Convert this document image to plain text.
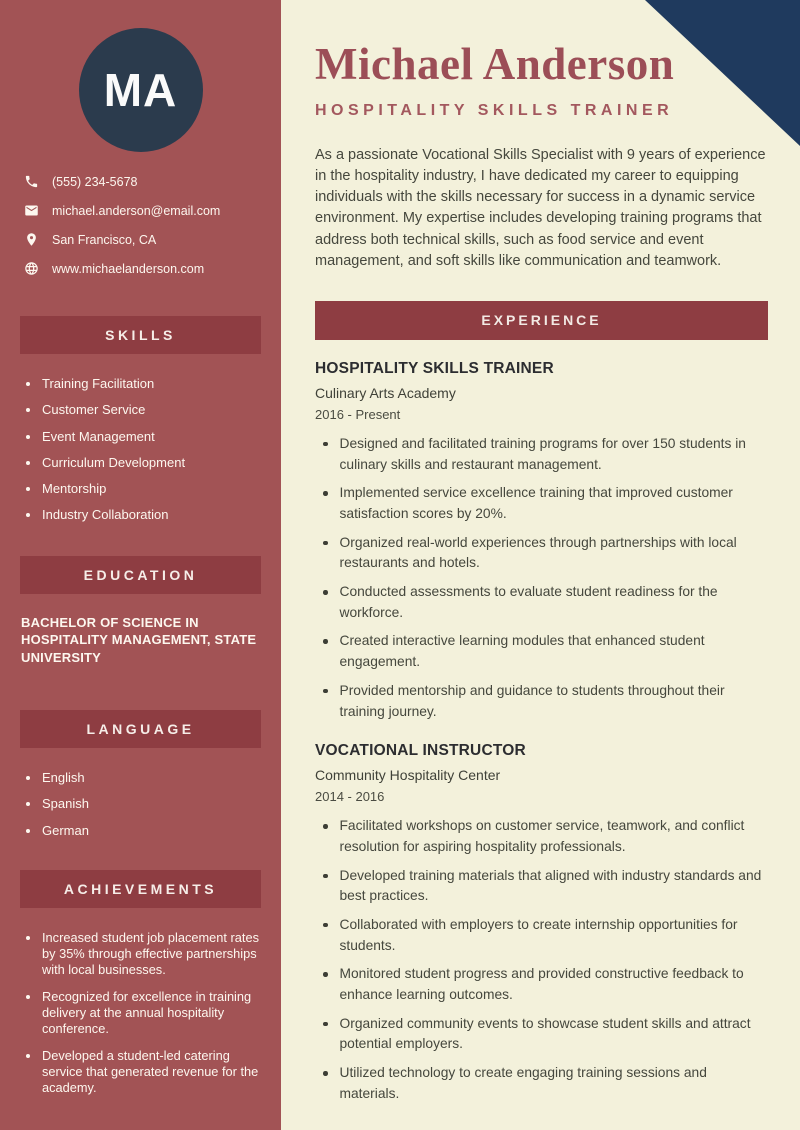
MA
(555) 234-5678
michael.anderson@email.com
San Francisco, CA
www.michaelanderson.com
SKILLS
Training Facilitation
Customer Service
Event Management
Curriculum Development
Mentorship
Industry Collaboration
EDUCATION
BACHELOR OF SCIENCE IN HOSPITALITY MANAGEMENT, STATE UNIVERSITY
LANGUAGE
English
Spanish
German
ACHIEVEMENTS
Increased student job placement rates by 35% through effective partnerships with local businesses.
Recognized for excellence in training delivery at the annual hospitality conference.
Developed a student-led catering service that generated revenue for the academy.
Michael Anderson
HOSPITALITY SKILLS TRAINER

As a passionate Vocational Skills Specialist with 9 years of experience in the hospitality industry, I have dedicated my career to equipping individuals with the skills necessary for success in a dynamic service environment. My expertise includes developing training programs that address both technical skills, such as food service and event management, and soft skills like communication and teamwork.

EXPERIENCE
HOSPITALITY SKILLS TRAINER
Culinary Arts Academy
2016 - Present
Designed and facilitated training programs for over 150 students in culinary skills and restaurant management.
Implemented service excellence training that improved customer satisfaction scores by 20%.
Organized real-world experiences through partnerships with local restaurants and hotels.
Conducted assessments to evaluate student readiness for the workforce.
Created interactive learning modules that enhanced student engagement.
Provided mentorship and guidance to students throughout their training journey.
VOCATIONAL INSTRUCTOR
Community Hospitality Center
2014 - 2016
Facilitated workshops on customer service, teamwork, and conflict resolution for aspiring hospitality professionals.
Developed training materials that aligned with industry standards and best practices.
Collaborated with employers to create internship opportunities for students.
Monitored student progress and provided constructive feedback to enhance learning outcomes.
Organized community events to showcase student skills and attract potential employers.
Utilized technology to create engaging training sessions and materials.
